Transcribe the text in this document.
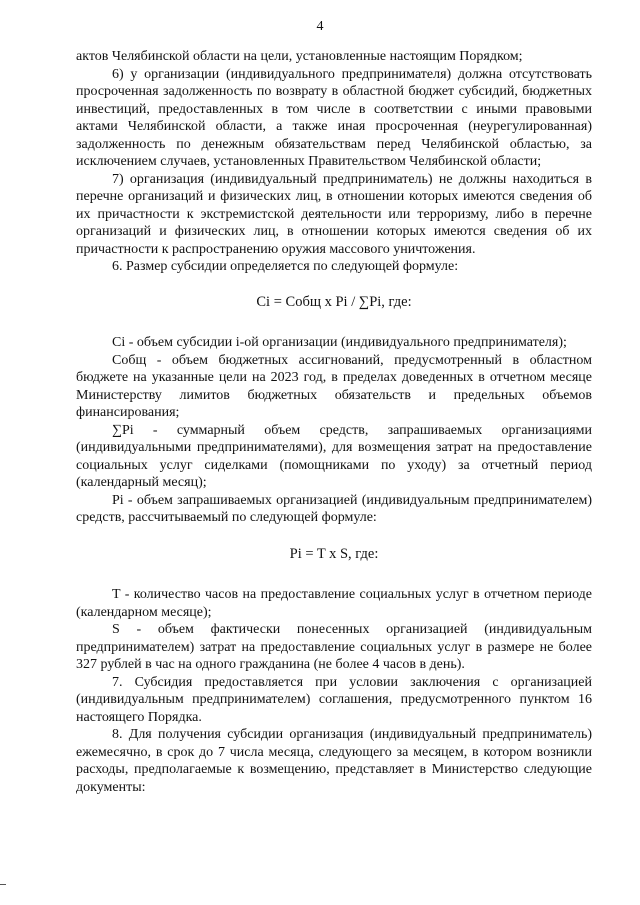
4

актов Челябинской области на цели, установленные настоящим Порядком;

6) у организации (индивидуального предпринимателя) должна отсутствовать просроченная задолженность по возврату в областной бюджет субсидий, бюджетных инвестиций, предоставленных в том числе в соответствии с иными правовыми актами Челябинской области, а также иная просроченная (неурегулированная) задолженность по денежным обязательствам перед Челябинской областью, за исключением случаев, установленных Правительством Челябинской области;

7) организация (индивидуальный предприниматель) не должны находиться в перечне организаций и физических лиц, в отношении которых имеются сведения об их причастности к экстремистской деятельности или терроризму, либо в перечне организаций и физических лиц, в отношении которых имеются сведения об их причастности к распространению оружия массового уничтожения.

6. Размер субсидии определяется по следующей формуле:

Ci = Cобщ х Pi / ∑Pi, где:

Ci - объем субсидии i-ой организации (индивидуального предпринимателя);

Cобщ - объем бюджетных ассигнований, предусмотренный в областном бюджете на указанные цели на 2023 год, в пределах доведенных в отчетном месяце Министерству лимитов бюджетных обязательств и предельных объемов финансирования;

∑Pi - суммарный объем средств, запрашиваемых организациями (индивидуальными предпринимателями), для возмещения затрат на предоставление социальных услуг сиделками (помощниками по уходу) за отчетный период (календарный месяц);

Pi - объем запрашиваемых организацией (индивидуальным предпринимателем) средств, рассчитываемый по следующей формуле:

Pi = T х S, где:

T - количество часов на предоставление социальных услуг в отчетном периоде (календарном месяце);

S - объем фактически понесенных организацией (индивидуальным предпринимателем) затрат на предоставление социальных услуг в размере не более 327 рублей в час на одного гражданина (не более 4 часов в день).

7. Субсидия предоставляется при условии заключения с организацией (индивидуальным предпринимателем) соглашения, предусмотренного пунктом 16 настоящего Порядка.

8. Для получения субсидии организация (индивидуальный предприниматель) ежемесячно, в срок до 7 числа месяца, следующего за месяцем, в котором возникли расходы, предполагаемые к возмещению, представляет в Министерство следующие документы:
